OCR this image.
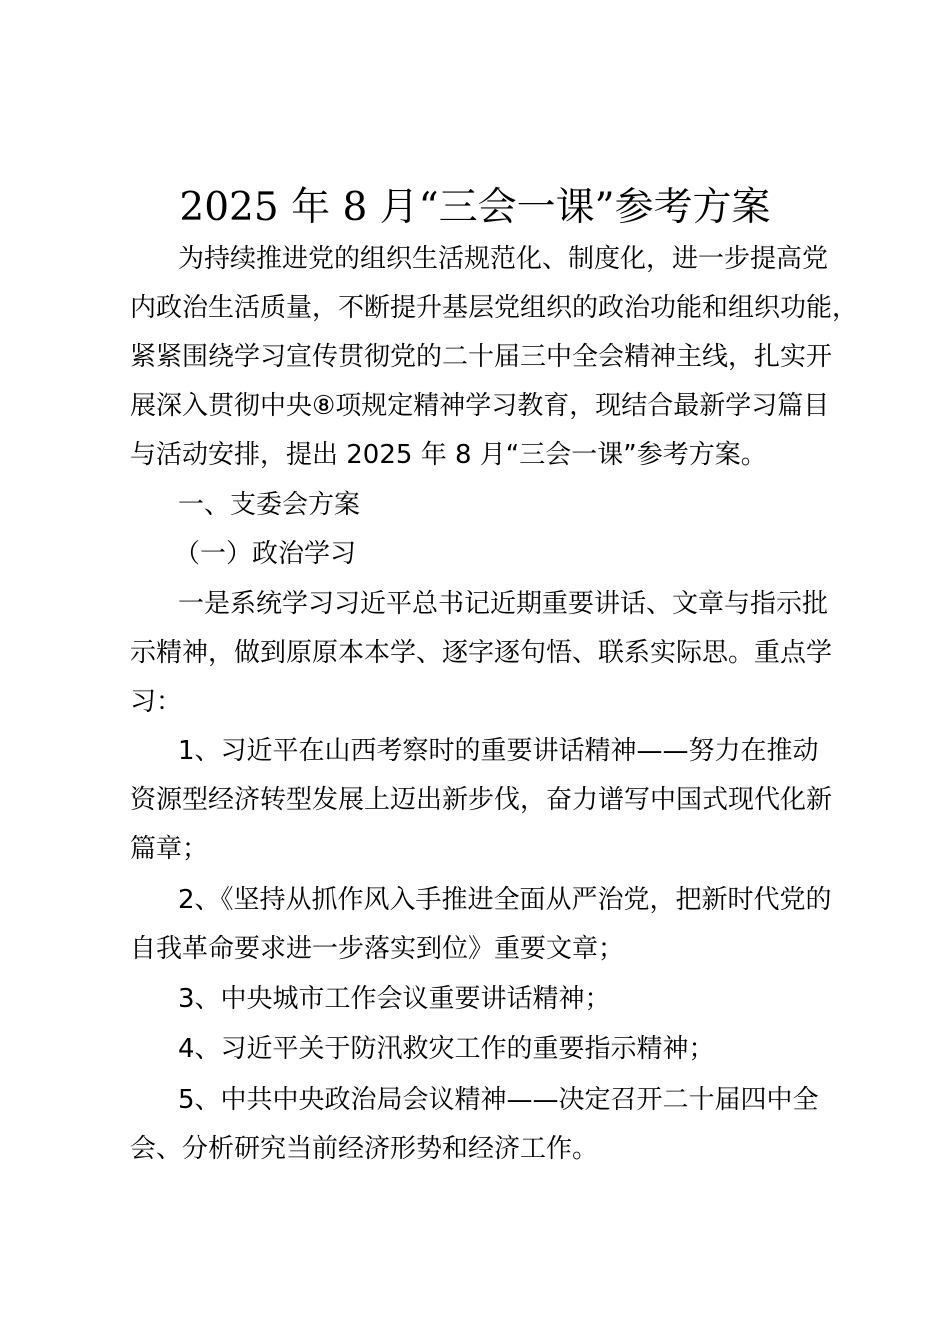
2025 年 8 月“三会一课”参考方案
为持续推进党的组织生活规范化、制度化，进一步提高党
内政治生活质量，不断提升基层党组织的政治功能和组织功能，
紧紧围绕学习宣传贯彻党的二十届三中全会精神主线，扎实开
展深入贯彻中央⑧项规定精神学习教育，现结合最新学习篇目
与活动安排，提出 2025 年 8 月“三会一课”参考方案。
一、支委会方案
（一）政治学习
一是系统学习习近平总书记近期重要讲话、文章与指示批
示精神，做到原原本本学、逐字逐句悟、联系实际思。重点学
习：
1、习近平在山西考察时的重要讲话精神——努力在推动
资源型经济转型发展上迈出新步伐，奋力谱写中国式现代化新
篇章；
2、《坚持从抓作风入手推进全面从严治党，把新时代党的
自我革命要求进一步落实到位》重要文章；
3、中央城市工作会议重要讲话精神；
4、习近平关于防汛救灾工作的重要指示精神；
5、中共中央政治局会议精神——决定召开二十届四中全
会、分析研究当前经济形势和经济工作。
